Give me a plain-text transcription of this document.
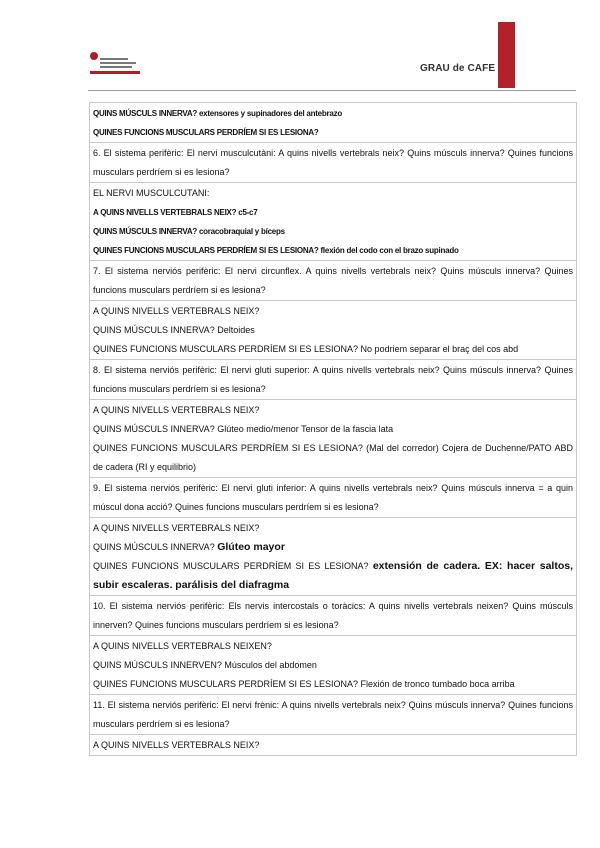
GRAU de CAFE

QUINS MÚSCULS INNERVA? extensores y supinadores del antebrazo

QUINES FUNCIONS MUSCULARS PERDRÍEM SI ES LESIONA?

6. El sistema perifèric: El nervi musculcutàni: A quins nivells vertebrals neix? Quins músculs innerva? Quines funcions musculars perdríem si es lesiona?

EL NERVI MUSCULCUTANI:

A QUINS NIVELLS VERTEBRALS NEIX? c5-c7

QUINS MÚSCULS INNERVA? coracobraquial y bíceps

QUINES FUNCIONS MUSCULARS PERDRÍEM SI ES LESIONA? flexión del codo con el brazo supinado

7. El sistema nerviós perifèric: El nervi circunflex. A quins nivells vertebrals neix? Quins músculs innerva? Quines funcions musculars perdríem si es lesiona?

A QUINS NIVELLS VERTEBRALS NEIX?

QUINS MÚSCULS INNERVA? Deltoides

QUINES FUNCIONS MUSCULARS PERDRÍEM SI ES LESIONA? No podriem separar el braç del cos abd

8. El sistema nerviós perifèric: El nervi gluti superior: A quins nivells vertebrals neix? Quins músculs innerva? Quines funcions musculars perdríem si es lesiona?

A QUINS NIVELLS VERTEBRALS NEIX?

QUINS MÚSCULS INNERVA? Glúteo medio/menor Tensor de la fascia lata

QUINES FUNCIONS MUSCULARS PERDRÍEM SI ES LESIONA? (Mal del corredor) Cojera de Duchenne/PATO ABD de cadera (RI y equilibrio)

9. El sistema nerviós perifèric: El nervi gluti inferior: A quins nivells vertebrals neix? Quins músculs innerva = a quin múscul dona acció? Quines funcions musculars perdríem si es lesiona?

A QUINS NIVELLS VERTEBRALS NEIX?

QUINS MÚSCULS INNERVA? Glúteo mayor

QUINES FUNCIONS MUSCULARS PERDRÍEM SI ES LESIONA? extensión de cadera. EX: hacer saltos, subir escaleras. parálisis del diafragma

10. El sistema nerviós perifèric: Els nervis intercostals o toràcics: A quins nivells vertebrals neixen? Quins músculs innerven? Quines funcions musculars perdríem si es lesiona?

A QUINS NIVELLS VERTEBRALS NEIXEN?

QUINS MÚSCULS INNERVEN? Músculos del abdomen

QUINES FUNCIONS MUSCULARS PERDRÍEM SI ES LESIONA? Flexión de tronco tumbado boca arriba

11. El sistema nerviós perifèric: El nervi frènic: A quins nivells vertebrals neix? Quins músculs innerva? Quines funcions musculars perdríem si es lesiona?

A QUINS NIVELLS VERTEBRALS NEIX?
